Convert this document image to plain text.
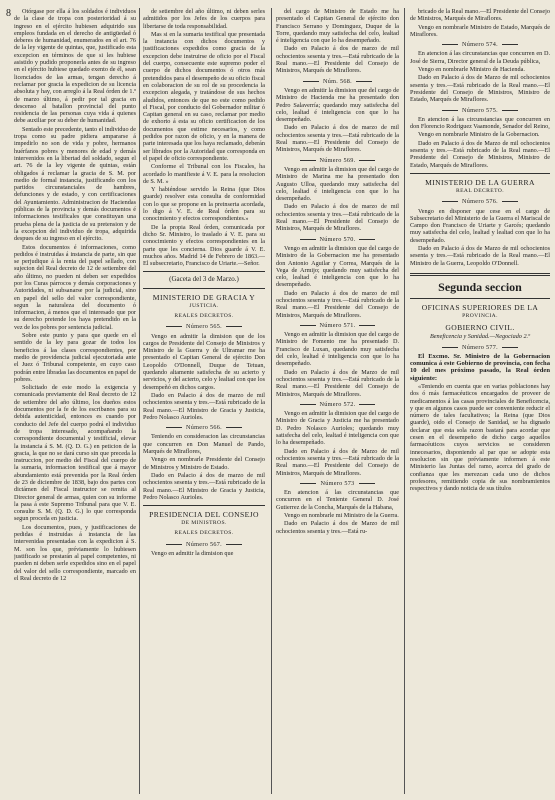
8	Otórgase por ella á los soldados é individuos de la clase de tropa con posterioridad á su ingreso en el ejército hubiesen adquirido sus empleos fundada en el derecho de antigüedad ó deberes de humanidad, enumerados en el art. 76 de la ley vigente de quintas, que, justificado esta excepcion en términos de que si les hubiese asistido y pudido proponerla antes de su ingreso en el ejército hubiese quedado exento de él, sean licenciados de las armas, tengan derecho á reclamar por gracia la expedicion de su licencia absoluta y hay, con arreglo á la Real órden de 1.º de marzo último, á pedir por tal gracia en descenso al batallon provincial del punto residencia de las personas cuya vida á quienes debe auxiliar por su deber de humanidad.

Sentado este precedente, tanto el individuo de tropa como su padre pidiera ampararse á impedirlo no son de vida y pobre, hermanos huérfanos pobres y menores de edad y demás intervenidos en la libertad del soldado, segun el art. 76 de la ley vigente de quintas, están obligados á reclamar la gracia de S. M. por medio de formal instancia, justificando con los partidos circunstanciales de hambres, defunciones y de estado, y con certificaciones del Ayuntamiento. Administracion de Haciendas públicas de la provincia y demás documentos é informaciones testificales que constituyan una prueba plena de la justicia de su pretension y de la excepcion del individuo de tropa, adquirida despues de su ingreso en el ejército.

Estos documentos é informaciones, como pedidos é instruidas á instancia de parte, sin que se perjudique á la renta del papel sellado, con sujecion del Real decreto de 12 de setiembre del año último, no pueden ni deben ser expedidos por los Curas párrocos y demás corporaciones y Autoridades, ni subsanarse por la judicial, sino en papel del sello del valor correspondiente, segun la naturaleza del documento ó informacion, á menos que el interesado que por su derecho pretende los haya pretendido en la vez de los pobres por sentencia judicial.

Sobre este punto y para que quede en el sentido de la ley para gozar de todos los beneficios á las clases correspondientes, por medio de providencia judicial ejecutoriada ante el Juez ó Tribunal competente, en cuyo caso podrán entre libradas las documentos en papel de pobres.

Solicitado de este modo la exigencia y comunicada previamente del Real decreto de 12 de setiembre del año último, los dueños estos documentos por la fe de los escribanos para su debida autenticidad, entonces es cuando por conducto del Jefe del cuerpo podrá el individuo de tropa interesado, acompañando la correspondiente documental y testificial, elevar la instancia á S. M. (Q. D. G.) en peticion de la gracia, la que no se dará curso sin que preceda la instruccion, por medio del Fiscal del cuerpo de la sumaria, informacion testifical que á mayor abundamiento está prevenida por la Real órden de 23 de diciembre de 1838, bajo dos partes con dictámen del Fiscal instructor se remita al Director general de armas, quien con su informe la pasa á este Supremo Tribunal para que V. E. consulte S. M. (Q. D. G.) lo que corresponda segun proceda en justicia.

Los documentos, pues, y justificaciones de pedidas é instruidas á instancia de las intervenidas presentadas con la expedicion á S. M. son los que, préviamente lo hubiesen justificado se prestarán al papel competentes, ni pueden ni deben serle expedidos sino en el papel del valor del sello correspondiente, marcado en el Real decreto de 12

de setiembre del año último, ni deben serles admitidos por los Jefes de los cuerpos para libertarse de toda responsabilidad.

Mas si en la sumaria testifical que presentada la instancia con dichos documentos y justificaciones expedidos como gracia de la excepcion debe instruirse de oficio por el Fiscal del cuerpo, consecuente este supremo poder el cuerpo de dichos documentos ó otros más pretendidos para el desempeño de su oficio fiscal en colaboracion de su rol de su procedencia la excepcion alegada, y tratándose de sus hechos aludidos, entonces de que no este como pedido el Fiscal, por conducto del Gobernador militar ó Capitan general en su caso, reclamar por medio de exhorto á esta su oficio certificacion de los documentos que estime necesarios, y como pedidos por razon de oficio, y en la manera de parte interesada que los haya reclamado, deberán ser librados por la Autoridad que corresponda en el papel de oficio correspondiente.

Conforme el Tribunal con los Fiscales, ha acordado lo manifieste á V. E. para la resolucion de S. M. »

Y habiéndose servido la Reina (que Dios guarde) resolver esta consulta de conformidad con lo que se propone en la preinserta acordada, lo digo á V. E. de Real órden para su conocimiento y efectos correspondientes.»

De la propia Real órden, comunicada por dicho Sr. Ministro, lo traslado á V. E. para su conocimiento y efectos correspondientes en la parte que les concierna. Dios guarde á V. E. muchos años. Madrid 14 de Febrero de 1863.—El subsecretario, Francisco de Uriarte.—Señor.

(Gaceta del 3 de Marzo.)

MINISTERIO DE GRACIA Y

JUSTICIA.

REALES DECRETOS.

Número 565.

Vengo en admitir la dimision que de los cargos de Presidente del Consejo de Ministros y Ministro de la Guerra y de Ultramar me ha presentado el Capitan General de ejército Don Leopoldo O'Donnell, Duque de Tetuan, quedando altamente satisfecha de su acierto y servicios, y del acierto, celo y lealtad con que los desempeñó en dichos cargos.

Dado en Palacio á dos de marzo de mil ochocientos sesenta y tres.—Está rubricado de la Real mano.—El Ministro de Gracia y Justicia, Pedro Nolasco Aurioles.

Número 566.

Teniendo en consideracion las circunstancias que concurren en Don Manuel de Pando, Marqués de Miraflores,

Vengo en nombrarle Presidente del Consejo de Ministros y Ministro de Estado.

Dado en Palacio á dos de marzo de mil ochocientos sesenta y tres.—Está rubricado de la Real mano.—El Ministro de Gracia y Justicia, Pedro Nolasco Aurioles.

PRESIDENCIA DEL CONSEJO

DE MINISTROS.

REALES DECRETOS.

Número 567.

Vengo en admitir la dimision que

del cargo de Ministro de Estado me ha presentado el Capitan General de ejército don Francisco Serrano y Dominguez, Duque de la Torre, quedando muy satisfecha del celo, lealtad é inteligencia con que lo ha desempeñado.

Dado en Palacio á dos de marzo de mil ochocientos sesenta y tres.—Está rubricado de la Real mano.—El Presidente del Consejo de Ministros, Marqués de Miraflores.

Núm. 568.

Vengo en admitir la dimision que del cargo de Ministro de Hacienda me ha presentado don Pedro Salaverría; quedando muy satisfecha del celo, lealtad é inteligencia con que lo ha desempeñado.

Dado en Palacio á dos de marzo de mil ochocientos sesenta y tres.—Está rubricado de la Real mano.—El Presidente del Consejo de Ministros, Marqués de Miraflores.

Número 569.

Vengo en admitir la dimision que del cargo de Ministro de Marina me ha presentado don Augusto Ulloa, quedando muy satisfecha del celo, lealtad é inteligencia con que lo ha desempeñado.

Dado en Palacio á dos de marzo de mil ochocientos sesenta y tres.—Está rubricado de la Real mano.—El Presidente del Consejo de Ministros, Marqués de Miraflores.

Número 570.

Vengo en admitir la dimision que del cargo de Ministro de la Gobernacion me ha presentado don Antonio Aguilar y Correa, Marqués de la Vega de Armijo; quedando muy satisfecha del celo, lealtad é inteligencia con que lo ha desempeñado.

Dado en Palacio á dos de marzo de mil ochocientos sesenta y tres.—Está rubricado de la Real mano.—El Presidente del Consejo de Ministros, Marqués de Miraflores.

Número 571.

Vengo en admitir la dimision que del cargo de Ministro de Fomento me ha presentado D. Francisco de Luxan, quedando muy satisfecha del celo, lealtad é inteligencia con que lo ha desempeñado.

Dado en Palacio á dos de Marzo de mil ochocientos sesenta y tres.—Está rubricado de la Real mano.—El Presidente del Consejo de Ministros, Marqués de Miraflores.

Número 572.

Vengo en admitir la dimision que del cargo de Ministro de Gracia y Justicia me ha presentado D. Pedro Nolasco Aurioles; quedando muy satisfecha del celo, lealtad é inteligencia con que lo ha desempeñado.

Dado en Palacio á dos de Marzo de mil ochocientos sesenta y tres.—Está rubricado de la Real mano.—El Presidente del Consejo de Ministros, Marqués de Miraflores.

Número 573

En atencion á las circunstancias que concurren en el Teniente General D. José Gutierrez de la Concha, Marqués de la Habana,

Vengo en nombrarle mi Ministro de la Guerra.

Dado en Palacio á dos de Marzo de mil ochocientos sesenta y tres.—Está ru-

bricado de la Real mano.—El Presidente del Consejo de Ministros, Marqués de Miraflores.

Vengo en nombrarle Ministro de Estado, Marqués de Miraflores.

Número 574.

En atencion á las circunstancias que concurren en D. José de Sierra, Director general de la Deuda pública,

Vengo en nombrarle Ministro de Hacienda.

Dado en Palacio á dos de Marzo de mil ochocientos sesenta y tres.—Está rubricado de la Real mano.—El Presidente del Consejo de Ministros, Ministro de Estado, Marqués de Miraflores.

Número 575.

En atencion á las circunstancias que concurren en don Florencio Rodriguez Vaamonde, Senador del Reino,

Vengo en nombrarle Ministro de la Gobernacion.

Dado en Palacio á dos de Marzo de mil ochocientos sesenta y tres.—Está rubricado de la Real mano.—El Presidente del Consejo de Ministros, Ministro de Estado, Marqués de Miraflores.

MINISTERIO DE LA GUERRA

REAL DECRETO.

Número 576.

Vengo en disponer que cese en el cargo de Subsecretario del Ministerio de la Guerra el Mariscal de Campo don Francisco de Uriarte y Garcés; quedando muy satisfecha del celo, lealtad y lealtad con que lo ha desempeñado.

Dado en Palacio á dos de Marzo de mil ochocientos sesenta y tres.—Está rubricado de la Real mano.—El Ministro de la Guerra, Leopoldo O'Donnell.

Segunda seccion

OFICINAS SUPERIORES DE LA

PROVINCIA.

GOBIERNO CIVIL.

Beneficencia y Sanidad.—Negociado 2.º

Número 577.

El Excmo. Sr. Ministro de la Gobernacion comunica á este Gobierno de provincia, con fecha 10 del mes próximo pasado, la Real órden siguiente:

«Teniendo en cuenta que en varias poblaciones hay dos ó más farmacéuticos encargados de proveer de medicamentos á las casas provinciales de Beneficencia, y que en algunos casos puede ser conveniente reducir el número de tales facultativos; la Reina (que Dios guarde), oido el Consejo de Sanidad, se ha dignado declarar que esta sola razon bastará para acordar que cesen en el desempeño de dicho cargo aquellos farmacéuticos cuyos servicios se consideren innecesarios, disponiendo al par que se adopte esta resolucion sin que préviamente informen á este Ministerio las Juntas del ramo, acerca del grado de confianza que les merezcan cada uno de dichos profesores, remitiendo copia de sus nombramientos respectivos y dando noticia de sus títulos
